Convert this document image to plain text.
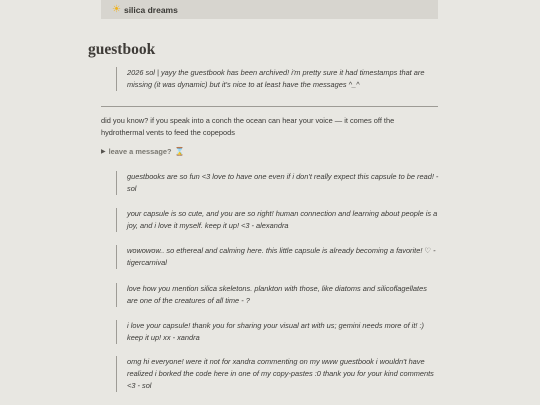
☀ silica dreams
guestbook
2026 sol | yayy the guestbook has been archived! i'm pretty sure it had timestamps that are missing (it was dynamic) but it's nice to at least have the messages ^_^
did you know? if you speak into a conch the ocean can hear your voice — it comes off the hydrothermal vents to feed the copepods
▶ leave a message? ⌛
guestbooks are so fun <3 love to have one even if i don't really expect this capsule to be read! - sol
your capsule is so cute, and you are so right! human connection and learning about people is a joy, and i love it myself. keep it up! <3 - alexandra
wowowow.. so ethereal and calming here. this little capsule is already becoming a favorite! ♡ - tigercarnival
love how you mention silica skeletons. plankton with those, like diatoms and silicoflagellates are one of the creatures of all time - ?
i love your capsule! thank you for sharing your visual art with us; gemini needs more of it! :) keep it up! xx - xandra
omg hi everyone! were it not for xandra commenting on my www guestbook i wouldn't have realized i borked the code here in one of my copy-pastes :0 thank you for your kind comments <3 - sol
